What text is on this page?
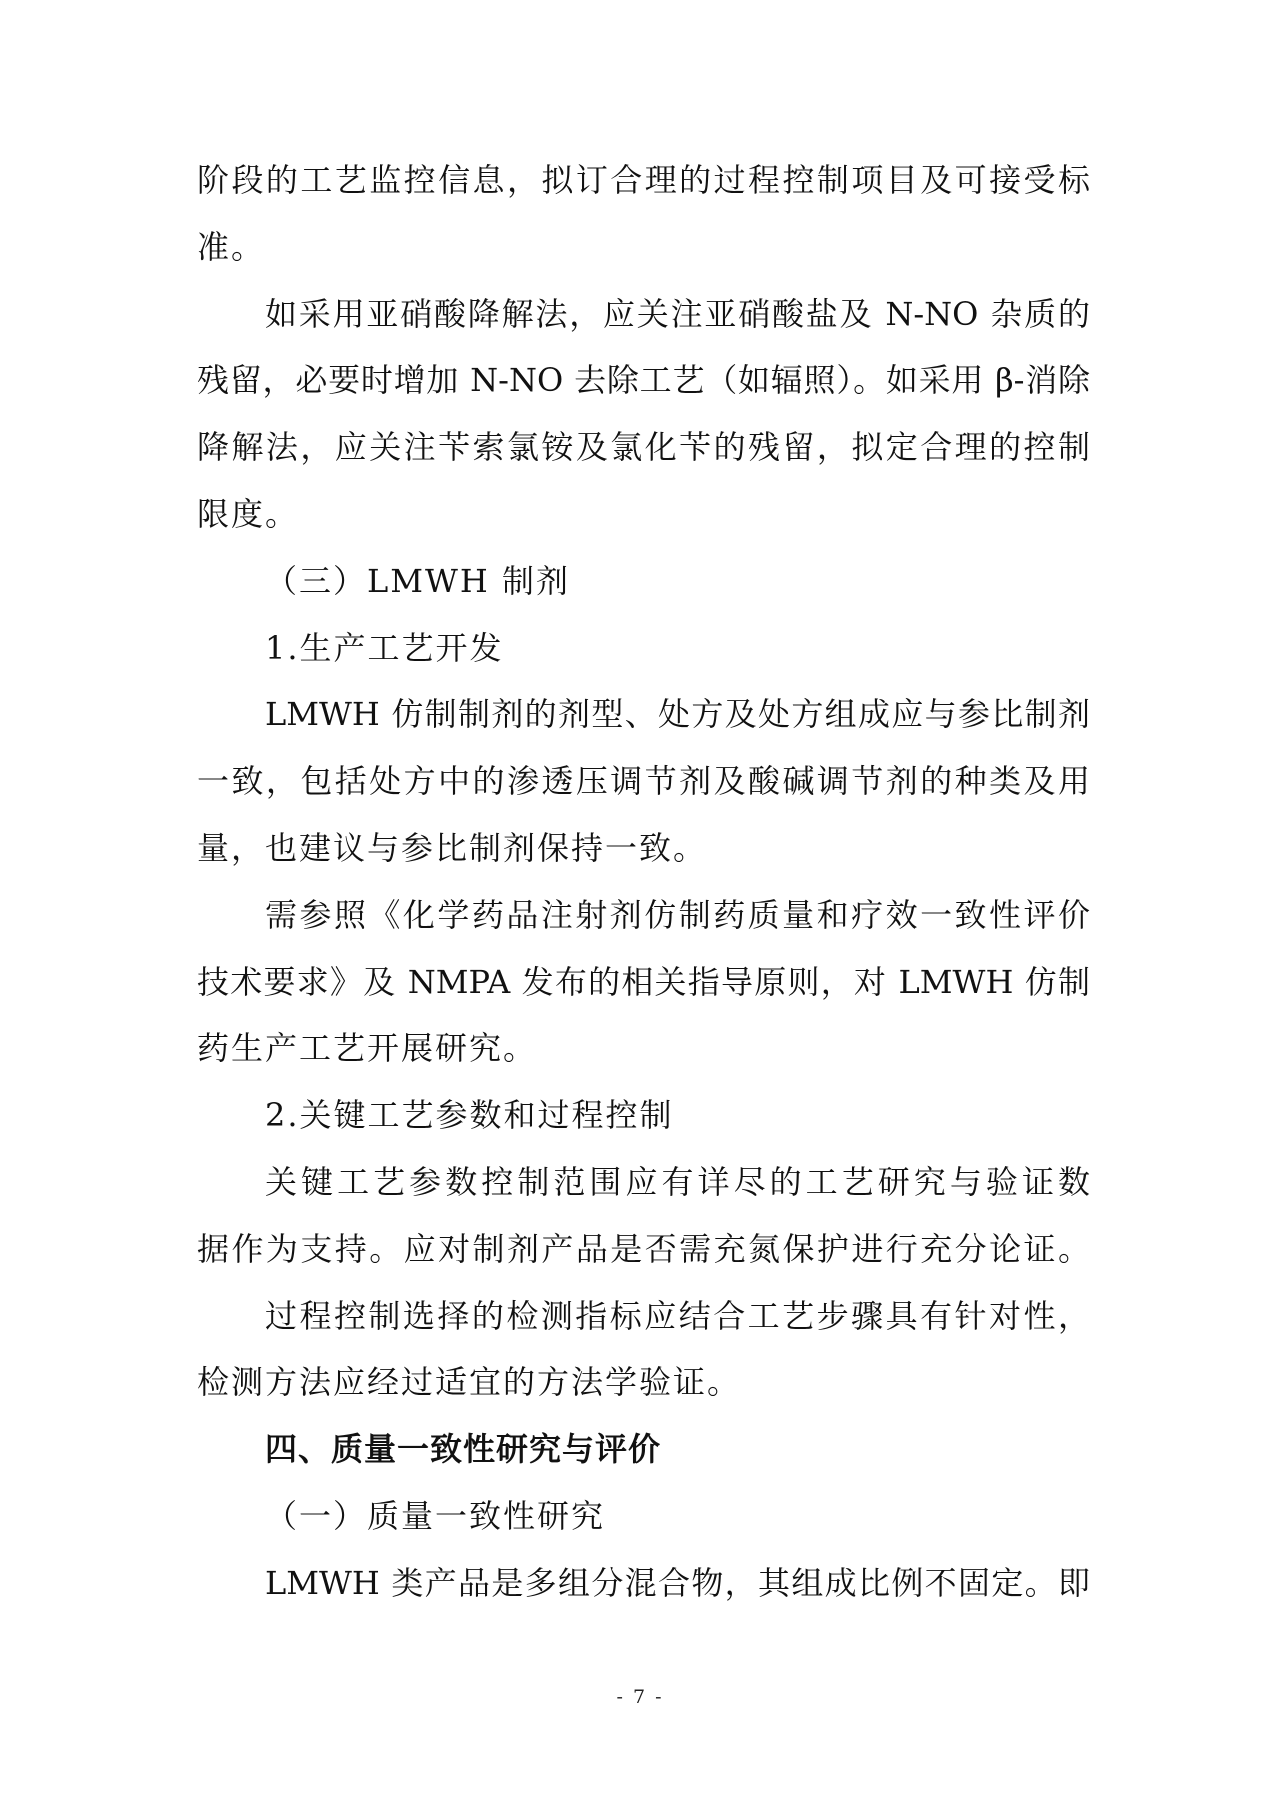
阶段的工艺监控信息，拟订合理的过程控制项目及可接受标
准。
如采用亚硝酸降解法，应关注亚硝酸盐及 N-NO 杂质的
残留，必要时增加 N-NO 去除工艺（如辐照）。如采用 β-消除
降解法，应关注苄索氯铵及氯化苄的残留，拟定合理的控制
限度。
（三）LMWH 制剂
1.生产工艺开发
LMWH 仿制制剂的剂型、处方及处方组成应与参比制剂
一致，包括处方中的渗透压调节剂及酸碱调节剂的种类及用
量，也建议与参比制剂保持一致。
需参照《化学药品注射剂仿制药质量和疗效一致性评价
技术要求》及 NMPA 发布的相关指导原则，对 LMWH 仿制
药生产工艺开展研究。
2.关键工艺参数和过程控制
关键工艺参数控制范围应有详尽的工艺研究与验证数
据作为支持。应对制剂产品是否需充氮保护进行充分论证。
过程控制选择的检测指标应结合工艺步骤具有针对性，
检测方法应经过适宜的方法学验证。
四、质量一致性研究与评价
（一）质量一致性研究
LMWH 类产品是多组分混合物，其组成比例不固定。即
- 7 -
